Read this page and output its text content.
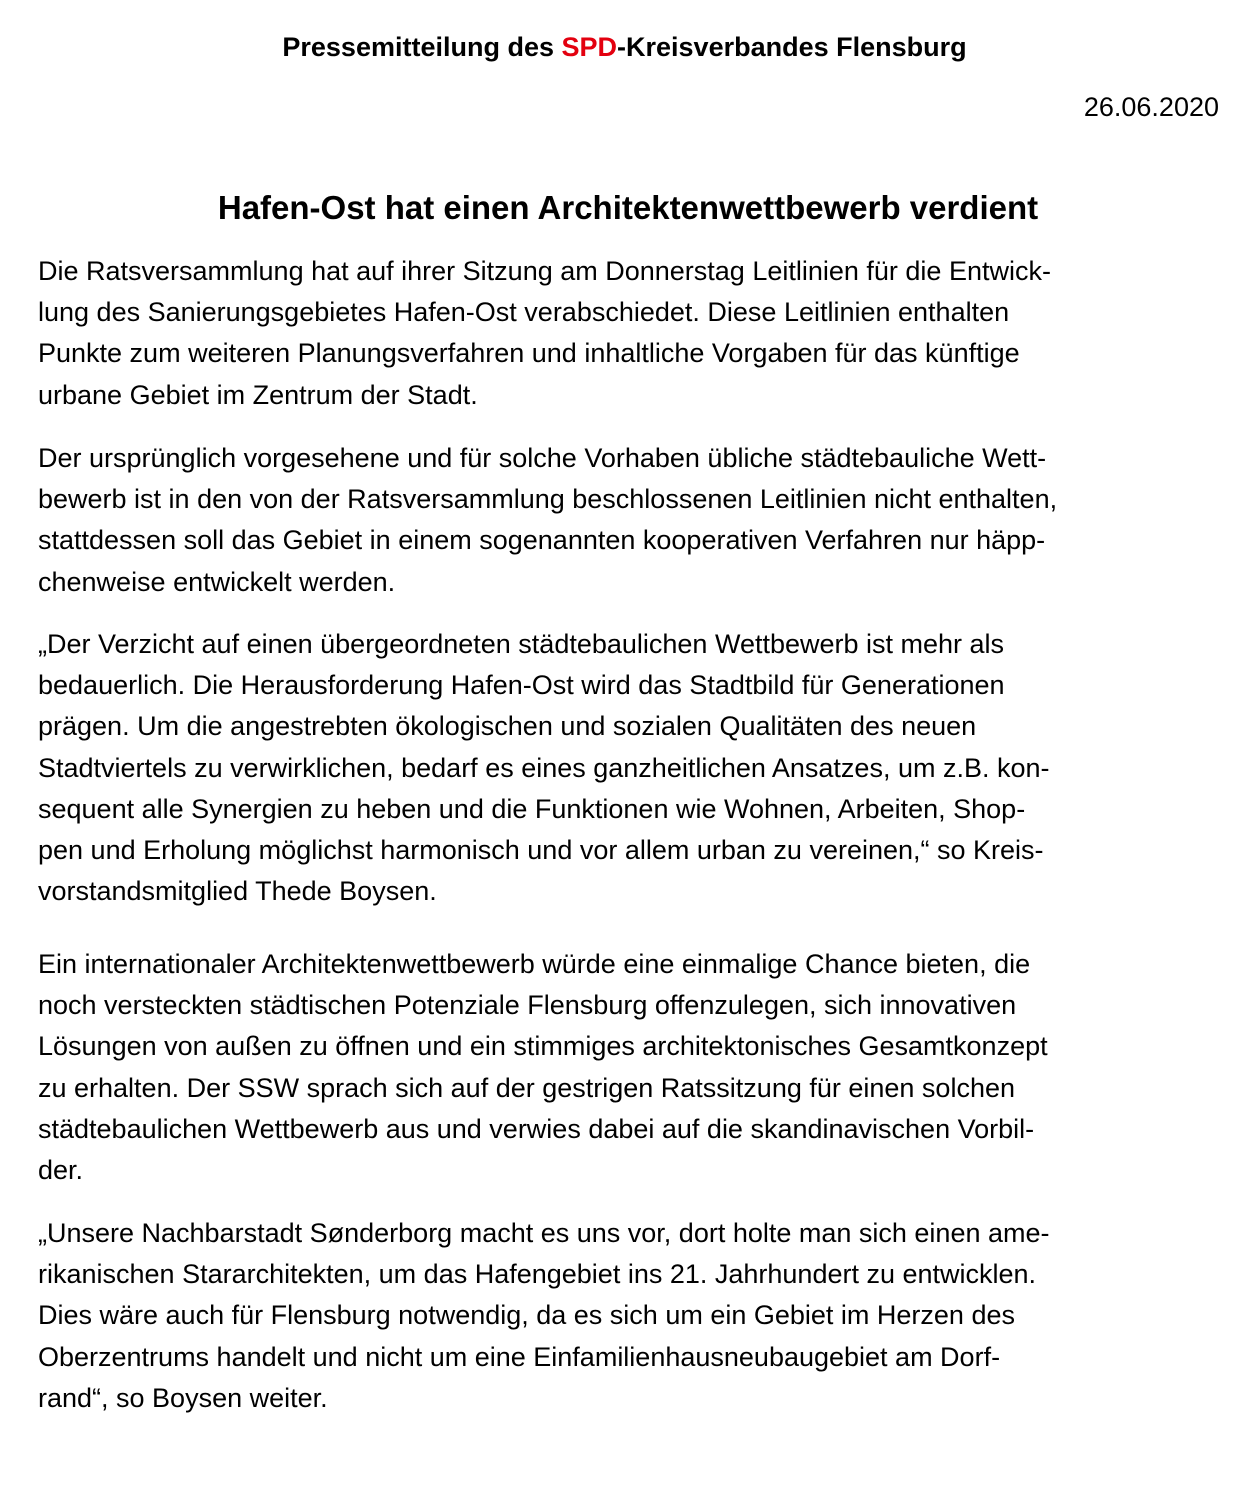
Pressemitteilung des SPD-Kreisverbandes Flensburg
26.06.2020
Hafen-Ost hat einen Architektenwettbewerb verdient

Die Ratsversammlung hat auf ihrer Sitzung am Donnerstag Leitlinien für die Entwick-
lung des Sanierungsgebietes Hafen-Ost verabschiedet. Diese Leitlinien enthalten
Punkte zum weiteren Planungsverfahren und inhaltliche Vorgaben für das künftige
urbane Gebiet im Zentrum der Stadt.

Der ursprünglich vorgesehene und für solche Vorhaben übliche städtebauliche Wett-
bewerb ist in den von der Ratsversammlung beschlossenen Leitlinien nicht enthalten,
stattdessen soll das Gebiet in einem sogenannten kooperativen Verfahren nur häpp-
chenweise entwickelt werden.

„Der Verzicht auf einen übergeordneten städtebaulichen Wettbewerb ist mehr als
bedauerlich. Die Herausforderung Hafen-Ost wird das Stadtbild für Generationen
prägen. Um die angestrebten ökologischen und sozialen Qualitäten des neuen
Stadtviertels zu verwirklichen, bedarf es eines ganzheitlichen Ansatzes, um z.B. kon-
sequent alle Synergien zu heben und die Funktionen wie Wohnen, Arbeiten, Shop-
pen und Erholung möglichst harmonisch und vor allem urban zu vereinen,“ so Kreis-
vorstandsmitglied Thede Boysen.

Ein internationaler Architektenwettbewerb würde eine einmalige Chance bieten, die
noch versteckten städtischen Potenziale Flensburg offenzulegen, sich innovativen
Lösungen von außen zu öffnen und ein stimmiges architektonisches Gesamtkonzept
zu erhalten. Der SSW sprach sich auf der gestrigen Ratssitzung für einen solchen
städtebaulichen Wettbewerb aus und verwies dabei auf die skandinavischen Vorbil-
der.

„Unsere Nachbarstadt Sønderborg macht es uns vor, dort holte man sich einen ame-
rikanischen Stararchitekten, um das Hafengebiet ins 21. Jahrhundert zu entwicklen.
Dies wäre auch für Flensburg notwendig, da es sich um ein Gebiet im Herzen des
Oberzentrums handelt und nicht um eine Einfamilienhausneubaugebiet am Dorf-
rand“, so Boysen weiter.
